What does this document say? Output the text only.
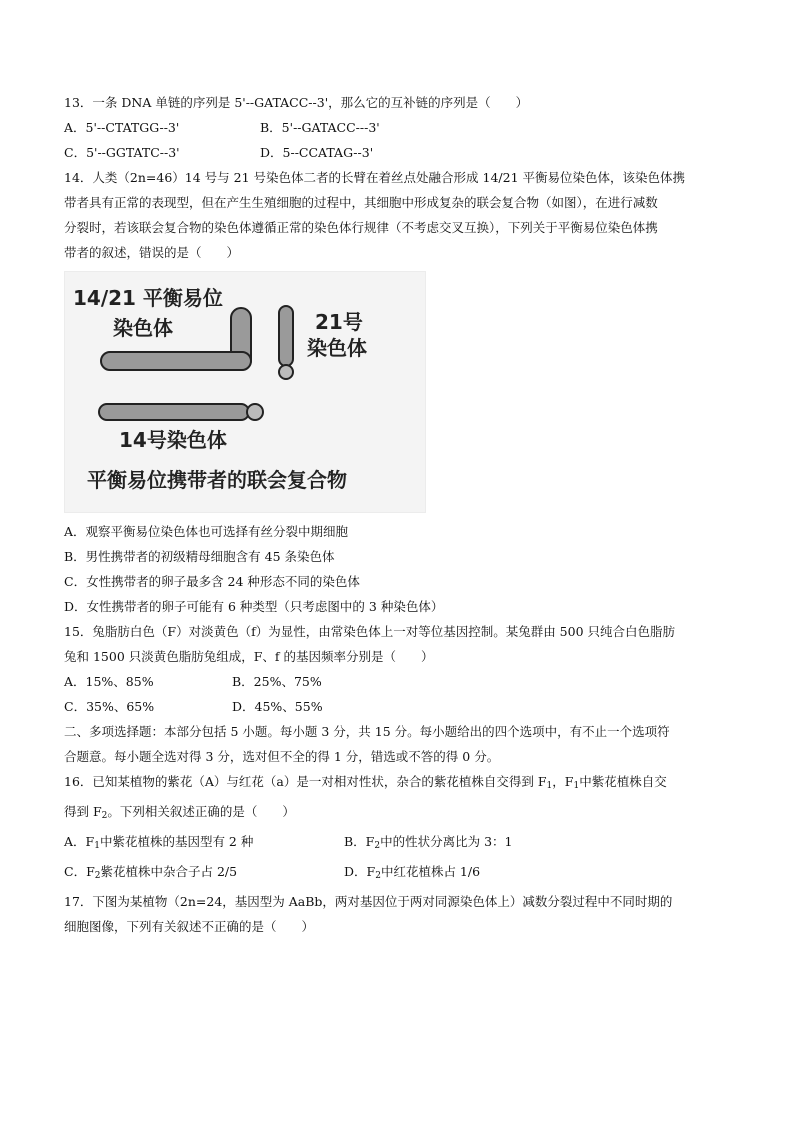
13．一条 DNA 单链的序列是 5'--GATACC--3'，那么它的互补链的序列是（　　）
A．5'--CTATGG--3'	B．5'--GATACC---3'
C．5'--GGTATC--3'	D．5--CCATAG--3'
14．人类（2n=46）14 号与 21 号染色体二者的长臂在着丝点处融合形成 14/21 平衡易位染色体，该染色体携
带者具有正常的表现型，但在产生生殖细胞的过程中，其细胞中形成复杂的联会复合物（如图），在进行减数
分裂时，若该联会复合物的染色体遵循正常的染色体行规律（不考虑交叉互换），下列关于平衡易位染色体携
带者的叙述，错误的是（　　）
14/21 平衡易位
染色体	21号
染色体
14号染色体
平衡易位携带者的联会复合物
A．观察平衡易位染色体也可选择有丝分裂中期细胞
B．男性携带者的初级精母细胞含有 45 条染色体
C．女性携带者的卵子最多含 24 种形态不同的染色体
D．女性携带者的卵子可能有 6 种类型（只考虑图中的 3 种染色体）
15．兔脂肪白色（F）对淡黄色（f）为显性，由常染色体上一对等位基因控制。某兔群由 500 只纯合白色脂肪
兔和 1500 只淡黄色脂肪兔组成，F、f 的基因频率分别是（　　）
A．15%、85%	B．25%、75%
C．35%、65%	D．45%、55%
二、多项选择题：本部分包括 5 小题。每小题 3 分，共 15 分。每小题给出的四个选项中，有不止一个选项符
合题意。每小题全选对得 3 分，选对但不全的得 1 分，错选或不答的得 0 分。
16．已知某植物的紫花（A）与红花（a）是一对相对性状，杂合的紫花植株自交得到 $F_1$，$F_1$中紫花植株自交
得到 $F_2$。下列相关叙述正确的是（　　）
A．$F_1$中紫花植株的基因型有 2 种	B．$F_2$中的性状分离比为 3：1
C．$F_2$紫花植株中杂合子占 2/5	D．$F_2$中红花植株占 1/6
17．下图为某植物（2n=24，基因型为 AaBb，两对基因位于两对同源染色体上）减数分裂过程中不同时期的
细胞图像，下列有关叙述不正确的是（　　）
